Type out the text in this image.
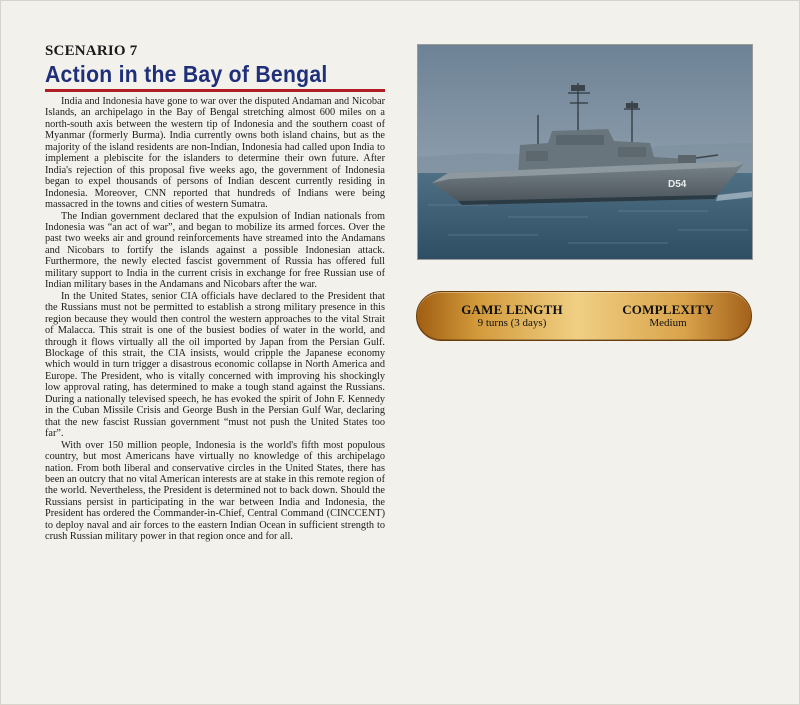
SCENARIO 7
Action in the Bay of Bengal

India and Indonesia have gone to war over the disputed Andaman and Nicobar Islands, an archipelago in the Bay of Bengal stretching almost 600 miles on a north-south axis between the western tip of Indonesia and the southern coast of Myanmar (formerly Burma). India currently owns both island chains, but as the majority of the island residents are non-Indian, Indonesia had called upon India to implement a plebiscite for the islanders to determine their own future. After India's rejection of this proposal five weeks ago, the government of Indonesia began to expel thousands of persons of Indian descent currently residing in Indonesia. Moreover, CNN reported that hundreds of Indians were being massacred in the towns and cities of western Sumatra.

The Indian government declared that the expulsion of Indian nationals from Indonesia was “an act of war”, and began to mobilize its armed forces. Over the past two weeks air and ground reinforcements have streamed into the Andamans and Nicobars to fortify the islands against a possible Indonesian attack. Furthermore, the newly elected fascist government of Russia has offered full military support to India in the current crisis in exchange for free Russian use of Indian military bases in the Andamans and Nicobars after the war.

In the United States, senior CIA officials have declared to the President that the Russians must not be permitted to establish a strong military presence in this region because they would then control the western approaches to the vital Strait of Malacca. This strait is one of the busiest bodies of water in the world, and through it flows virtually all the oil imported by Japan from the Persian Gulf. Blockage of this strait, the CIA insists, would cripple the Japanese economy which would in turn trigger a disastrous economic collapse in North America and Europe. The President, who is vitally concerned with improving his shockingly low approval rating, has determined to make a tough stand against the Russians. During a nationally televised speech, he has evoked the spirit of John F. Kennedy in the Cuban Missile Crisis and George Bush in the Persian Gulf War, declaring that the new fascist Russian government “must not push the United States too far”.

With over 150 million people, Indonesia is the world's fifth most populous country, but most Americans have virtually no knowledge of this archipelago nation. From both liberal and conservative circles in the United States, there has been an outcry that no vital American interests are at stake in this remote region of the world. Nevertheless, the President is determined not to back down. Should the Russians persist in participating in the war between India and Indonesia, the President has ordered the Commander-in-Chief, Central Command (CINCCENT) to deploy naval and air forces to the eastern Indian Ocean in sufficient strength to crush Russian military power in that region once and for all.

D54
GAME LENGTH
9 turns (3 days)
COMPLEXITY
Medium
